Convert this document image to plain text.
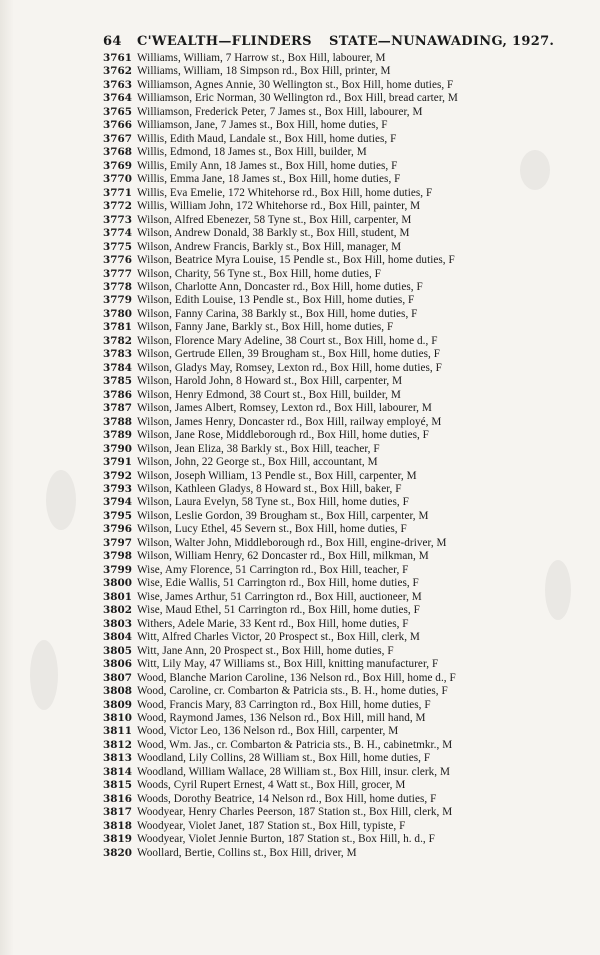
64	C'WEALTH—FLINDERS	STATE—NUNAWADING, 1927.
3761 Williams, William, 7 Harrow st., Box Hill, labourer, M
3762 Williams, William, 18 Simpson rd., Box Hill, printer, M
3763 Williamson, Agnes Annie, 30 Wellington st., Box Hill, home duties, F
3764 Williamson, Eric Norman, 30 Wellington rd., Box Hill, bread carter, M
3765 Williamson, Frederick Peter, 7 James st., Box Hill, labourer, M
3766 Williamson, Jane, 7 James st., Box Hill, home duties, F
3767 Willis, Edith Maud, Landale st., Box Hill, home duties, F
3768 Willis, Edmond, 18 James st., Box Hill, builder, M
3769 Willis, Emily Ann, 18 James st., Box Hill, home duties, F
3770 Willis, Emma Jane, 18 James st., Box Hill, home duties, F
3771 Willis, Eva Emelie, 172 Whitehorse rd., Box Hill, home duties, F
3772 Willis, William John, 172 Whitehorse rd., Box Hill, painter, M
3773 Wilson, Alfred Ebenezer, 58 Tyne st., Box Hill, carpenter, M
3774 Wilson, Andrew Donald, 38 Barkly st., Box Hill, student, M
3775 Wilson, Andrew Francis, Barkly st., Box Hill, manager, M
3776 Wilson, Beatrice Myra Louise, 15 Pendle st., Box Hill, home duties, F
3777 Wilson, Charity, 56 Tyne st., Box Hill, home duties, F
3778 Wilson, Charlotte Ann, Doncaster rd., Box Hill, home duties, F
3779 Wilson, Edith Louise, 13 Pendle st., Box Hill, home duties, F
3780 Wilson, Fanny Carina, 38 Barkly st., Box Hill, home duties, F
3781 Wilson, Fanny Jane, Barkly st., Box Hill, home duties, F
3782 Wilson, Florence Mary Adeline, 38 Court st., Box Hill, home d., F
3783 Wilson, Gertrude Ellen, 39 Brougham st., Box Hill, home duties, F
3784 Wilson, Gladys May, Romsey, Lexton rd., Box Hill, home duties, F
3785 Wilson, Harold John, 8 Howard st., Box Hill, carpenter, M
3786 Wilson, Henry Edmond, 38 Court st., Box Hill, builder, M
3787 Wilson, James Albert, Romsey, Lexton rd., Box Hill, labourer, M
3788 Wilson, James Henry, Doncaster rd., Box Hill, railway employé, M
3789 Wilson, Jane Rose, Middleborough rd., Box Hill, home duties, F
3790 Wilson, Jean Eliza, 38 Barkly st., Box Hill, teacher, F
3791 Wilson, John, 22 George st., Box Hill, accountant, M
3792 Wilson, Joseph William, 13 Pendle st., Box Hill, carpenter, M
3793 Wilson, Kathleen Gladys, 8 Howard st., Box Hill, baker, F
3794 Wilson, Laura Evelyn, 58 Tyne st., Box Hill, home duties, F
3795 Wilson, Leslie Gordon, 39 Brougham st., Box Hill, carpenter, M
3796 Wilson, Lucy Ethel, 45 Severn st., Box Hill, home duties, F
3797 Wilson, Walter John, Middleborough rd., Box Hill, engine-driver, M
3798 Wilson, William Henry, 62 Doncaster rd., Box Hill, milkman, M
3799 Wise, Amy Florence, 51 Carrington rd., Box Hill, teacher, F
3800 Wise, Edie Wallis, 51 Carrington rd., Box Hill, home duties, F
3801 Wise, James Arthur, 51 Carrington rd., Box Hill, auctioneer, M
3802 Wise, Maud Ethel, 51 Carrington rd., Box Hill, home duties, F
3803 Withers, Adele Marie, 33 Kent rd., Box Hill, home duties, F
3804 Witt, Alfred Charles Victor, 20 Prospect st., Box Hill, clerk, M
3805 Witt, Jane Ann, 20 Prospect st., Box Hill, home duties, F
3806 Witt, Lily May, 47 Williams st., Box Hill, knitting manufacturer, F
3807 Wood, Blanche Marion Caroline, 136 Nelson rd., Box Hill, home d., F
3808 Wood, Caroline, cr. Combarton & Patricia sts., B. H., home duties, F
3809 Wood, Francis Mary, 83 Carrington rd., Box Hill, home duties, F
3810 Wood, Raymond James, 136 Nelson rd., Box Hill, mill hand, M
3811 Wood, Victor Leo, 136 Nelson rd., Box Hill, carpenter, M
3812 Wood, Wm. Jas., cr. Combarton & Patricia sts., B. H., cabinetmkr., M
3813 Woodland, Lily Collins, 28 William st., Box Hill, home duties, F
3814 Woodland, William Wallace, 28 William st., Box Hill, insur. clerk, M
3815 Woods, Cyril Rupert Ernest, 4 Watt st., Box Hill, grocer, M
3816 Woods, Dorothy Beatrice, 14 Nelson rd., Box Hill, home duties, F
3817 Woodyear, Henry Charles Peerson, 187 Station st., Box Hill, clerk, M
3818 Woodyear, Violet Janet, 187 Station st., Box Hill, typiste, F
3819 Woodyear, Violet Jennie Burton, 187 Station st., Box Hill, h. d., F
3820 Woollard, Bertie, Collins st., Box Hill, driver, M
